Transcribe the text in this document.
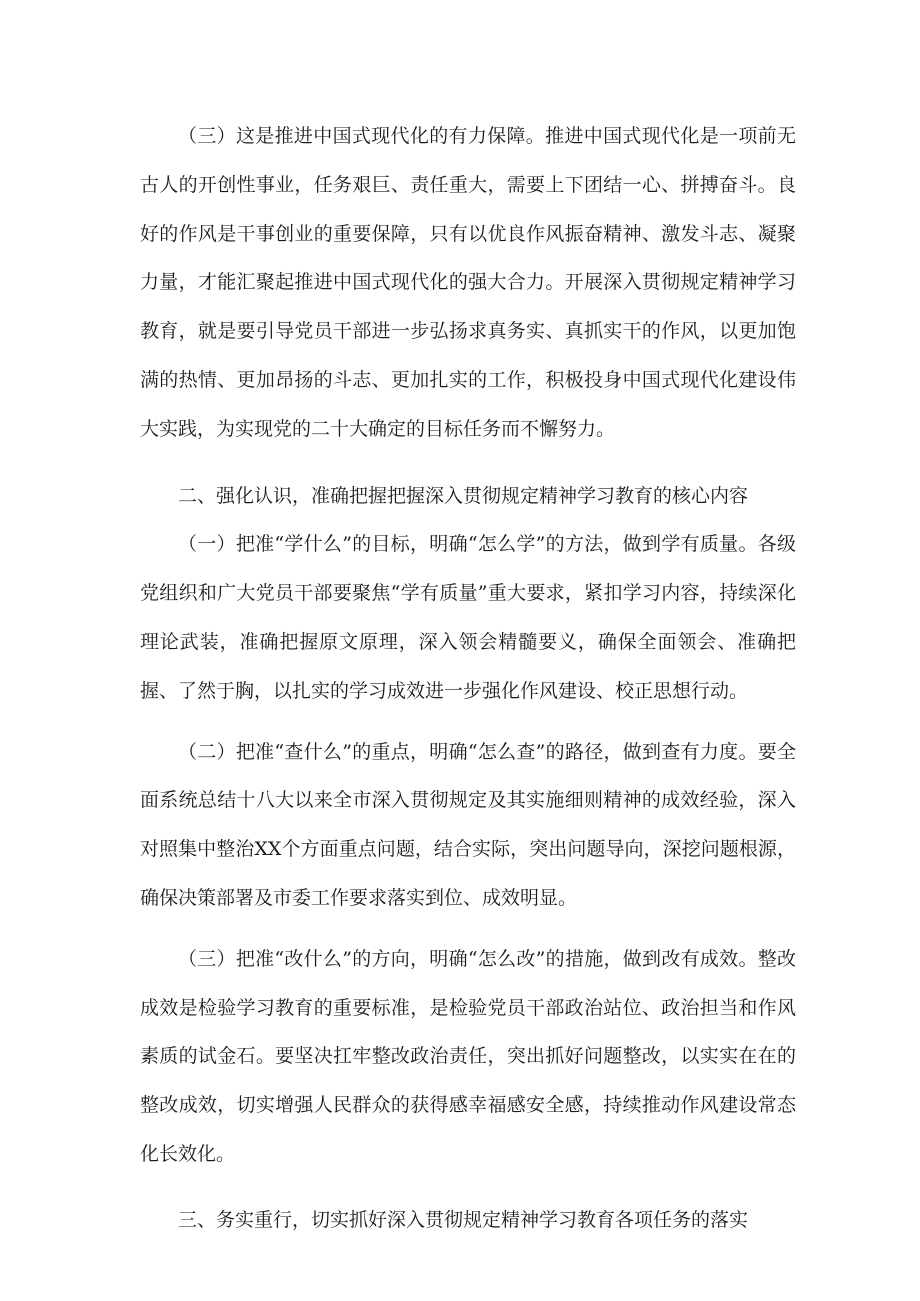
（三）这是推进中国式现代化的有力保障。推进中国式现代化是一项前无古人的开创性事业，任务艰巨、责任重大，需要上下团结一心、拼搏奋斗。良好的作风是干事创业的重要保障，只有以优良作风振奋精神、激发斗志、凝聚力量，才能汇聚起推进中国式现代化的强大合力。开展深入贯彻规定精神学习教育，就是要引导党员干部进一步弘扬求真务实、真抓实干的作风，以更加饱满的热情、更加昂扬的斗志、更加扎实的工作，积极投身中国式现代化建设伟大实践，为实现党的二十大确定的目标任务而不懈努力。

二、强化认识，准确把握把握深入贯彻规定精神学习教育的核心内容

（一）把准“学什么”的目标，明确“怎么学”的方法，做到学有质量。各级党组织和广大党员干部要聚焦“学有质量”重大要求，紧扣学习内容，持续深化理论武装，准确把握原文原理，深入领会精髓要义，确保全面领会、准确把握、了然于胸，以扎实的学习成效进一步强化作风建设、校正思想行动。

（二）把准“查什么”的重点，明确“怎么查”的路径，做到查有力度。要全面系统总结十八大以来全市深入贯彻规定及其实施细则精神的成效经验，深入对照集中整治XX个方面重点问题，结合实际，突出问题导向，深挖问题根源，确保决策部署及市委工作要求落实到位、成效明显。

（三）把准“改什么”的方向，明确“怎么改”的措施，做到改有成效。整改成效是检验学习教育的重要标准，是检验党员干部政治站位、政治担当和作风素质的试金石。要坚决扛牢整改政治责任，突出抓好问题整改，以实实在在的整改成效，切实增强人民群众的获得感幸福感安全感，持续推动作风建设常态化长效化。

三、务实重行，切实抓好深入贯彻规定精神学习教育各项任务的落实
